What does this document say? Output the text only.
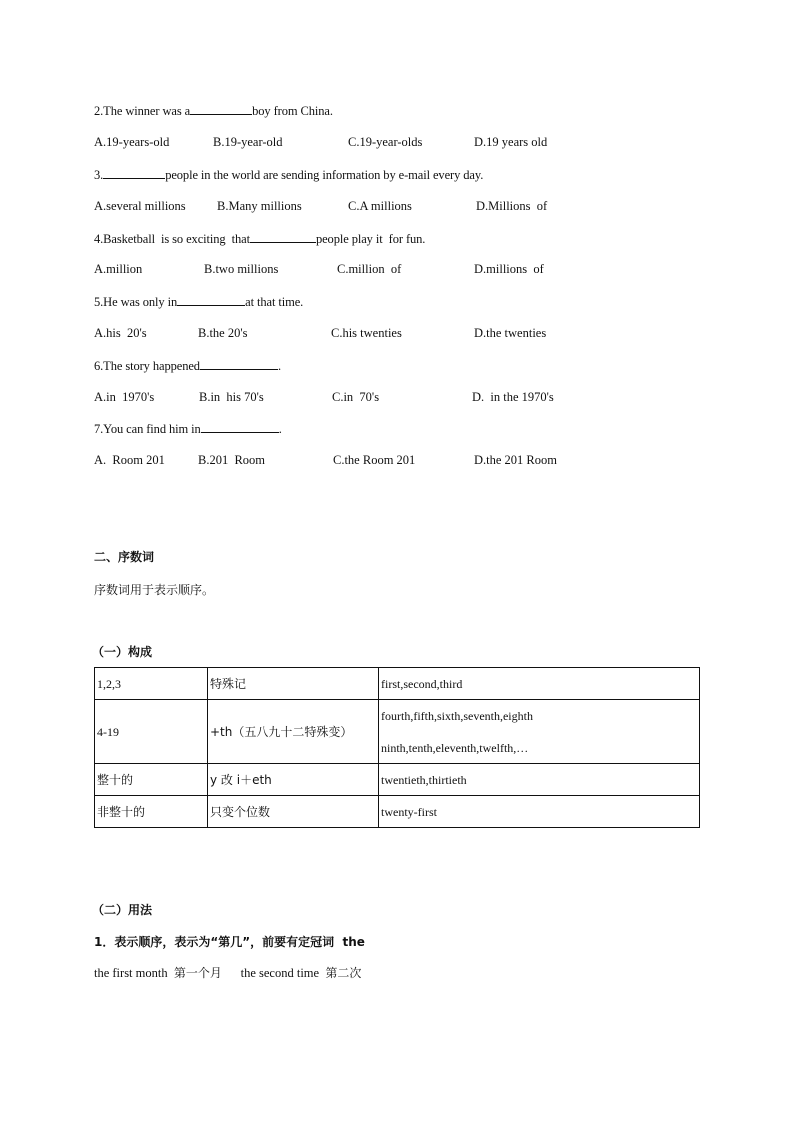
2.The winner was a	boy from China.
A.19-years-old	B.19-year-old	C.19-year-olds	D.19 years old
3.	people in the world are sending information by e-mail every day.
A.several millions	B.Many millions	C.A millions	D.Millions  of
4.Basketball  is so exciting  that	people play it  for fun.
A.million	B.two millions	C.million  of	D.millions  of
5.He was only in	at that time.
A.his  20's	B.the 20's	C.his twenties	D.the twenties
6.The story happened	.
A.in  1970's	B.in  his 70's	C.in  70's	D.  in the 1970's
7.You can find him in	.
A.  Room 201	B.201  Room	C.the Room 201	D.the 201 Room
二、序数词
序数词用于表示顺序。
（一）构成
1,2,3	特殊记	first,second,third
4-19	+th（五八九十二特殊变）	fourth,fifth,sixth,seventh,eighth
ninth,tenth,eleventh,twelfth,…

整十的	y 改 i＋eth	twentieth,thirtieth
非整十的	只变个位数	twenty-first
（二）用法
1．表示顺序，表示为“第几”，前要有定冠词  the
the first month 第一个月 the second time 第二次
